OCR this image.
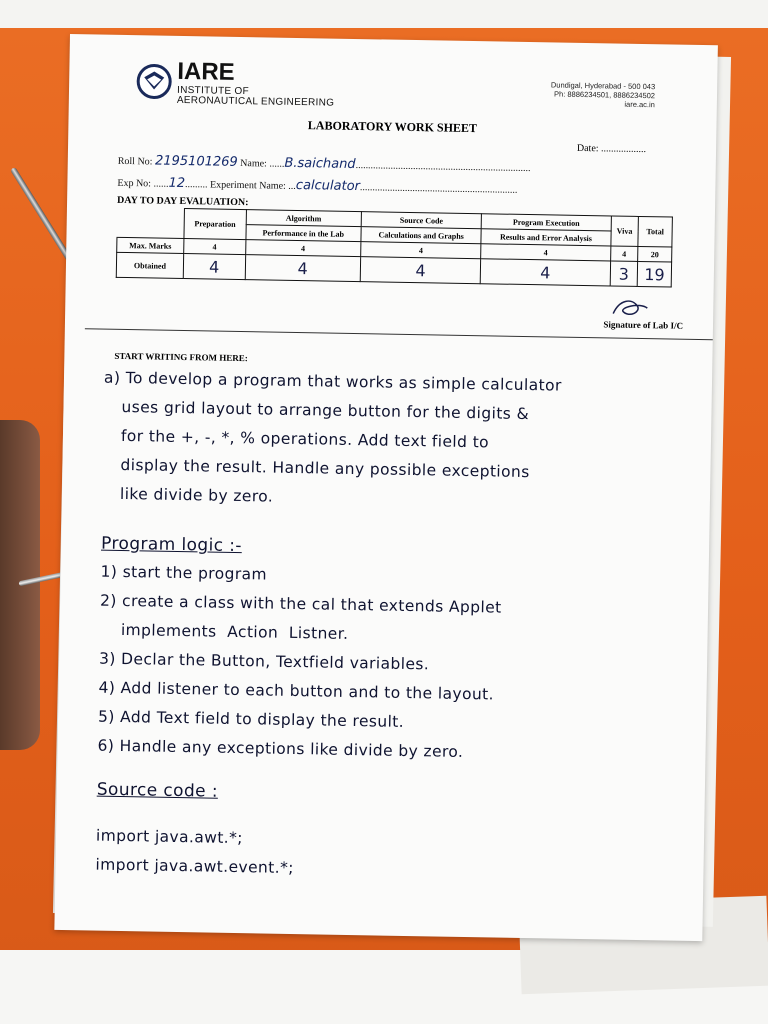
IARE
INSTITUTE OF
AERONAUTICAL ENGINEERING
Dundigal, Hyderabad - 500 043
Ph: 8886234501, 8886234502
iare.ac.in
LABORATORY WORK SHEET
Date: ..................
Roll No: 2195101269 Name: ......B.saichand......................................................................
Exp No: ......12......... Experiment Name: ...calculator...............................................................
DAY TO DAY EVALUATION:
	Preparation	Algorithm	Source Code	Program Execution	Viva	Total
		Performance in the Lab	Calculations and Graphs	Results and Error Analysis		
Max. Marks	4	4	4	4	4	20
Obtained	4	4	4	4	3	19
Signature of Lab I/C
START WRITING FROM HERE:
a) To develop a program that works as simple calculator
uses grid layout to arrange button for the digits &
for the +, -, *, % operations. Add text field to
display the result. Handle any possible exceptions
like divide by zero.
Program logic :-
1) start the program
2) create a class with the cal that extends Applet
implements  Action  Listner.
3) Declar the Button, Textfield variables.
4) Add listener to each button and to the layout.
5) Add Text field to display the result.
6) Handle any exceptions like divide by zero.
Source code :
import java.awt.*;
import java.awt.event.*;
